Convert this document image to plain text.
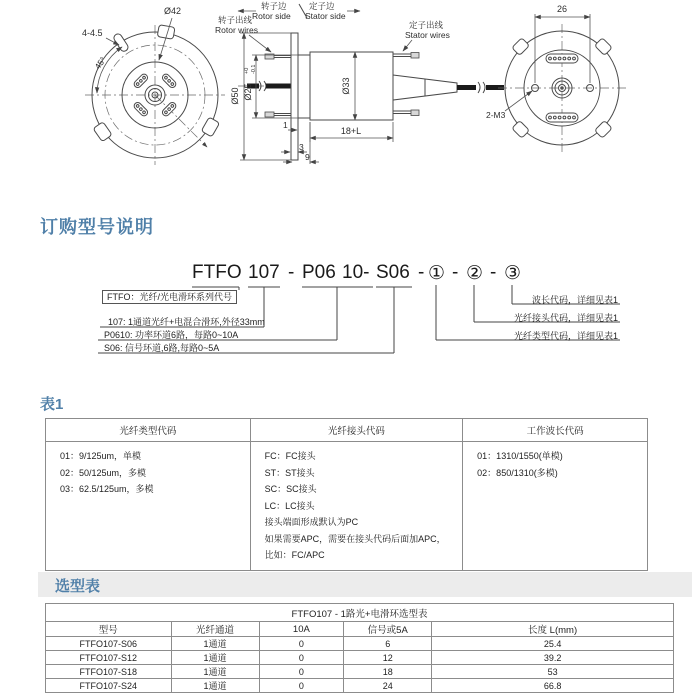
Ø42
4-4.5
45°
Ø33
18+L
Ø50 Ø25
+0 -0.1
1
3
9
转子边
Rotor side
定子边
Stator side
转子出线
Rotor wires	定子出线
Stator wires
26
2-M3
订购型号说明
FTFO 107 - P06 10- S06 - ① - ② - ③
FTFO：光纤/光电滑环系列代号
107: 1通道光纤+电混合滑环,外径33mm
P0610: 功率环道6路，每路0~10A
S06: 信号环道,6路,每路0~5A
波长代码，详细见表1
光纤接头代码，详细见表1
光纤类型代码，详细见表1
表1
光纤类型代码	光纤接头代码	工作波长代码

01：9/125um，单模
02：50/125um，多模
03：62.5/125um，多模

FC：FC接头
ST：ST接头
SC：SC接头
LC：LC接头
接头端面形成默认为PC
如果需要APC，需要在接头代码后面加APC，
比如：FC/APC

01：1310/1550(单模)
02：850/1310(多模)
选型表
FTFO107 - 1路光+电滑环选型表				
型号	光纤通道	10A	信号或5A	长度 L(mm)
FTFO107-S06	1通道	0	6	25.4
FTFO107-S12	1通道	0	12	39.2
FTFO107-S18	1通道	0	18	53
FTFO107-S24	1通道	0	24	66.8
